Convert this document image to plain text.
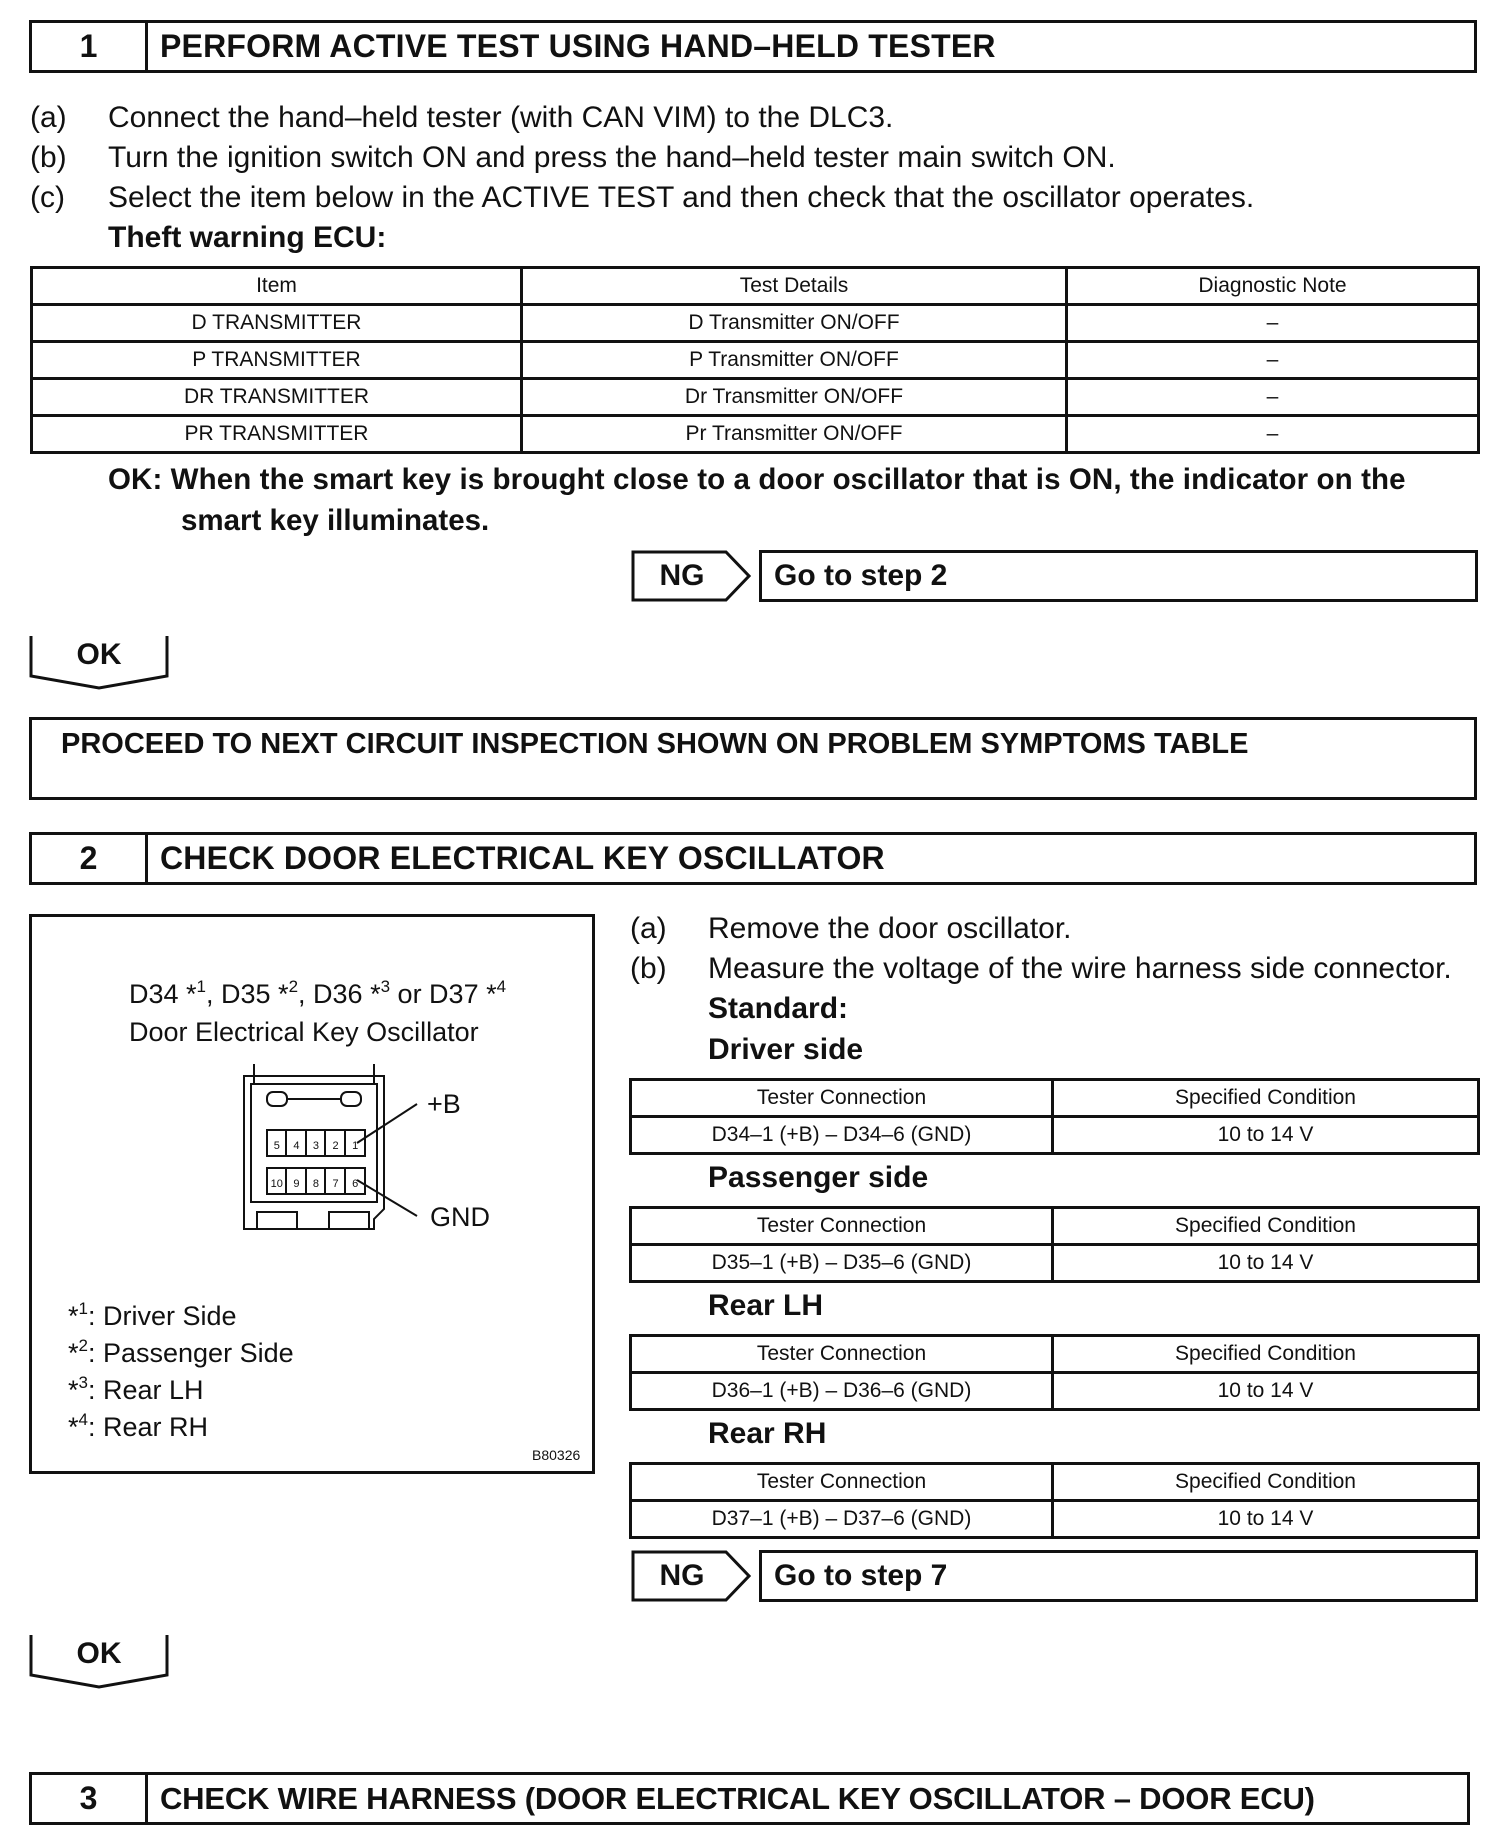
1	PERFORM ACTIVE TEST USING HAND–HELD TESTER
(a) Connect the hand–held tester (with CAN VIM) to the DLC3.
(b) Turn the ignition switch ON and press the hand–held tester main switch ON.
(c) Select the item below in the ACTIVE TEST and then check that the oscillator operates.
Theft warning ECU:
Item	Test Details	Diagnostic Note
D TRANSMITTER	D Transmitter ON/OFF	–
P TRANSMITTER	P Transmitter ON/OFF	–
DR TRANSMITTER	Dr Transmitter ON/OFF	–
PR TRANSMITTER	Pr Transmitter ON/OFF	–
OK: When the smart key is brought close to a door oscillator that is ON, the indicator on the
smart key illuminates.
NG	Go to step 2
OK
PROCEED TO NEXT CIRCUIT INSPECTION SHOWN ON PROBLEM SYMPTOMS TABLE
2	CHECK DOOR ELECTRICAL KEY OSCILLATOR
D34 *$^1$, D35 *$^2$, D36 *$^3$ or D37 *$^4$
Door Electrical Key Oscillator
5	4	3	2	1
10 9	8	7	6
+B
GND
*$^1$: Driver Side
*$^2$: Passenger Side
*$^3$: Rear LH
*$^4$: Rear RH
B80326
(a) Remove the door oscillator.
(b) Measure the voltage of the wire harness side connector.
Standard:
Driver side
Tester Connection	Specified Condition
D34–1 (+B) – D34–6 (GND)	10 to 14 V
Passenger side
Tester Connection	Specified Condition
D35–1 (+B) – D35–6 (GND)	10 to 14 V
Rear LH
Tester Connection	Specified Condition
D36–1 (+B) – D36–6 (GND)	10 to 14 V
Rear RH
Tester Connection	Specified Condition
D37–1 (+B) – D37–6 (GND)	10 to 14 V
NG	Go to step 7
OK
3	CHECK WIRE HARNESS (DOOR ELECTRICAL KEY OSCILLATOR – DOOR ECU)
